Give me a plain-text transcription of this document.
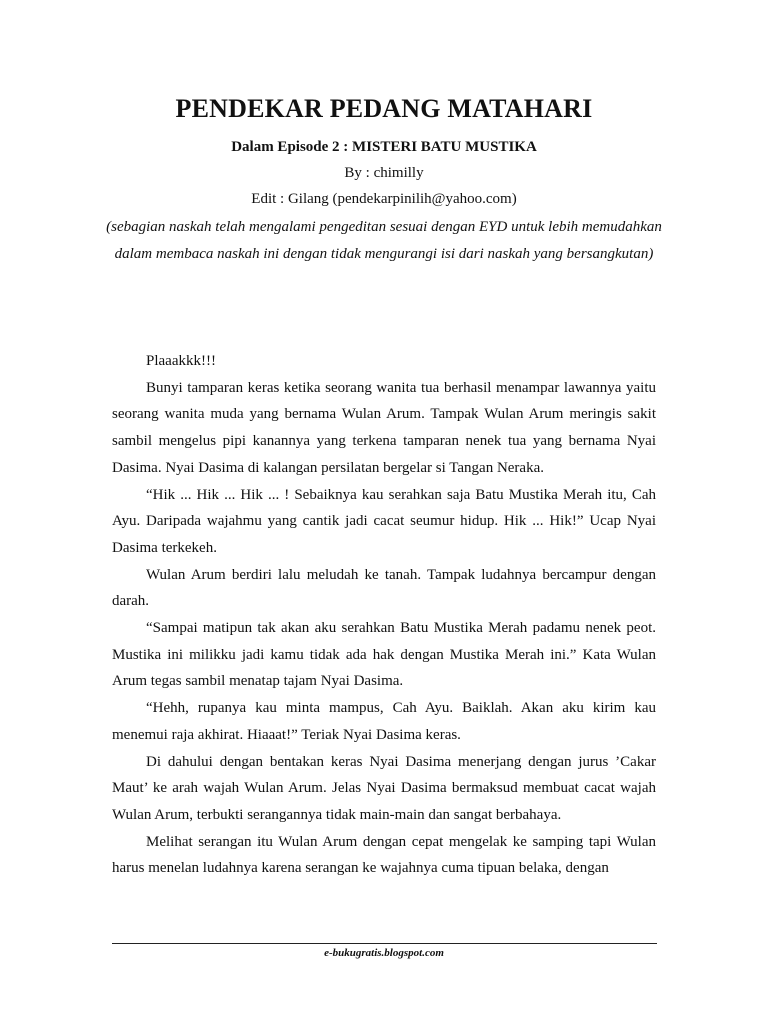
PENDEKAR PEDANG MATAHARI
Dalam Episode 2 : MISTERI BATU MUSTIKA
By : chimilly
Edit : Gilang (pendekarpinilih@yahoo.com)
(sebagian naskah telah mengalami pengeditan sesuai dengan EYD untuk lebih memudahkan dalam membaca naskah ini dengan tidak mengurangi isi dari naskah yang bersangkutan)

Plaaakkk!!!

Bunyi tamparan keras ketika seorang wanita tua berhasil menampar lawannya yaitu seorang wanita muda yang bernama Wulan Arum. Tampak Wulan Arum meringis sakit sambil mengelus pipi kanannya yang terkena tamparan nenek tua yang bernama Nyai Dasima. Nyai Dasima di kalangan persilatan bergelar si Tangan Neraka.

“Hik ... Hik ... Hik ... ! Sebaiknya kau serahkan saja Batu Mustika Merah itu, Cah Ayu. Daripada wajahmu yang cantik jadi cacat seumur hidup. Hik ... Hik!” Ucap Nyai Dasima terkekeh.

Wulan Arum berdiri lalu meludah ke tanah. Tampak ludahnya bercampur dengan darah.

“Sampai matipun tak akan aku serahkan Batu Mustika Merah padamu nenek peot. Mustika ini milikku jadi kamu tidak ada hak dengan Mustika Merah ini.” Kata Wulan Arum tegas sambil menatap tajam Nyai Dasima.

“Hehh, rupanya kau minta mampus, Cah Ayu. Baiklah. Akan aku kirim kau menemui raja akhirat. Hiaaat!” Teriak Nyai Dasima keras.

Di dahului dengan bentakan keras Nyai Dasima menerjang dengan jurus ’Cakar Maut’ ke arah wajah Wulan Arum. Jelas Nyai Dasima bermaksud membuat cacat wajah Wulan Arum, terbukti serangannya tidak main-main dan sangat berbahaya.

Melihat serangan itu Wulan Arum dengan cepat mengelak ke samping tapi Wulan harus menelan ludahnya karena serangan ke wajahnya cuma tipuan belaka, dengan

e-bukugratis.blogspot.com
